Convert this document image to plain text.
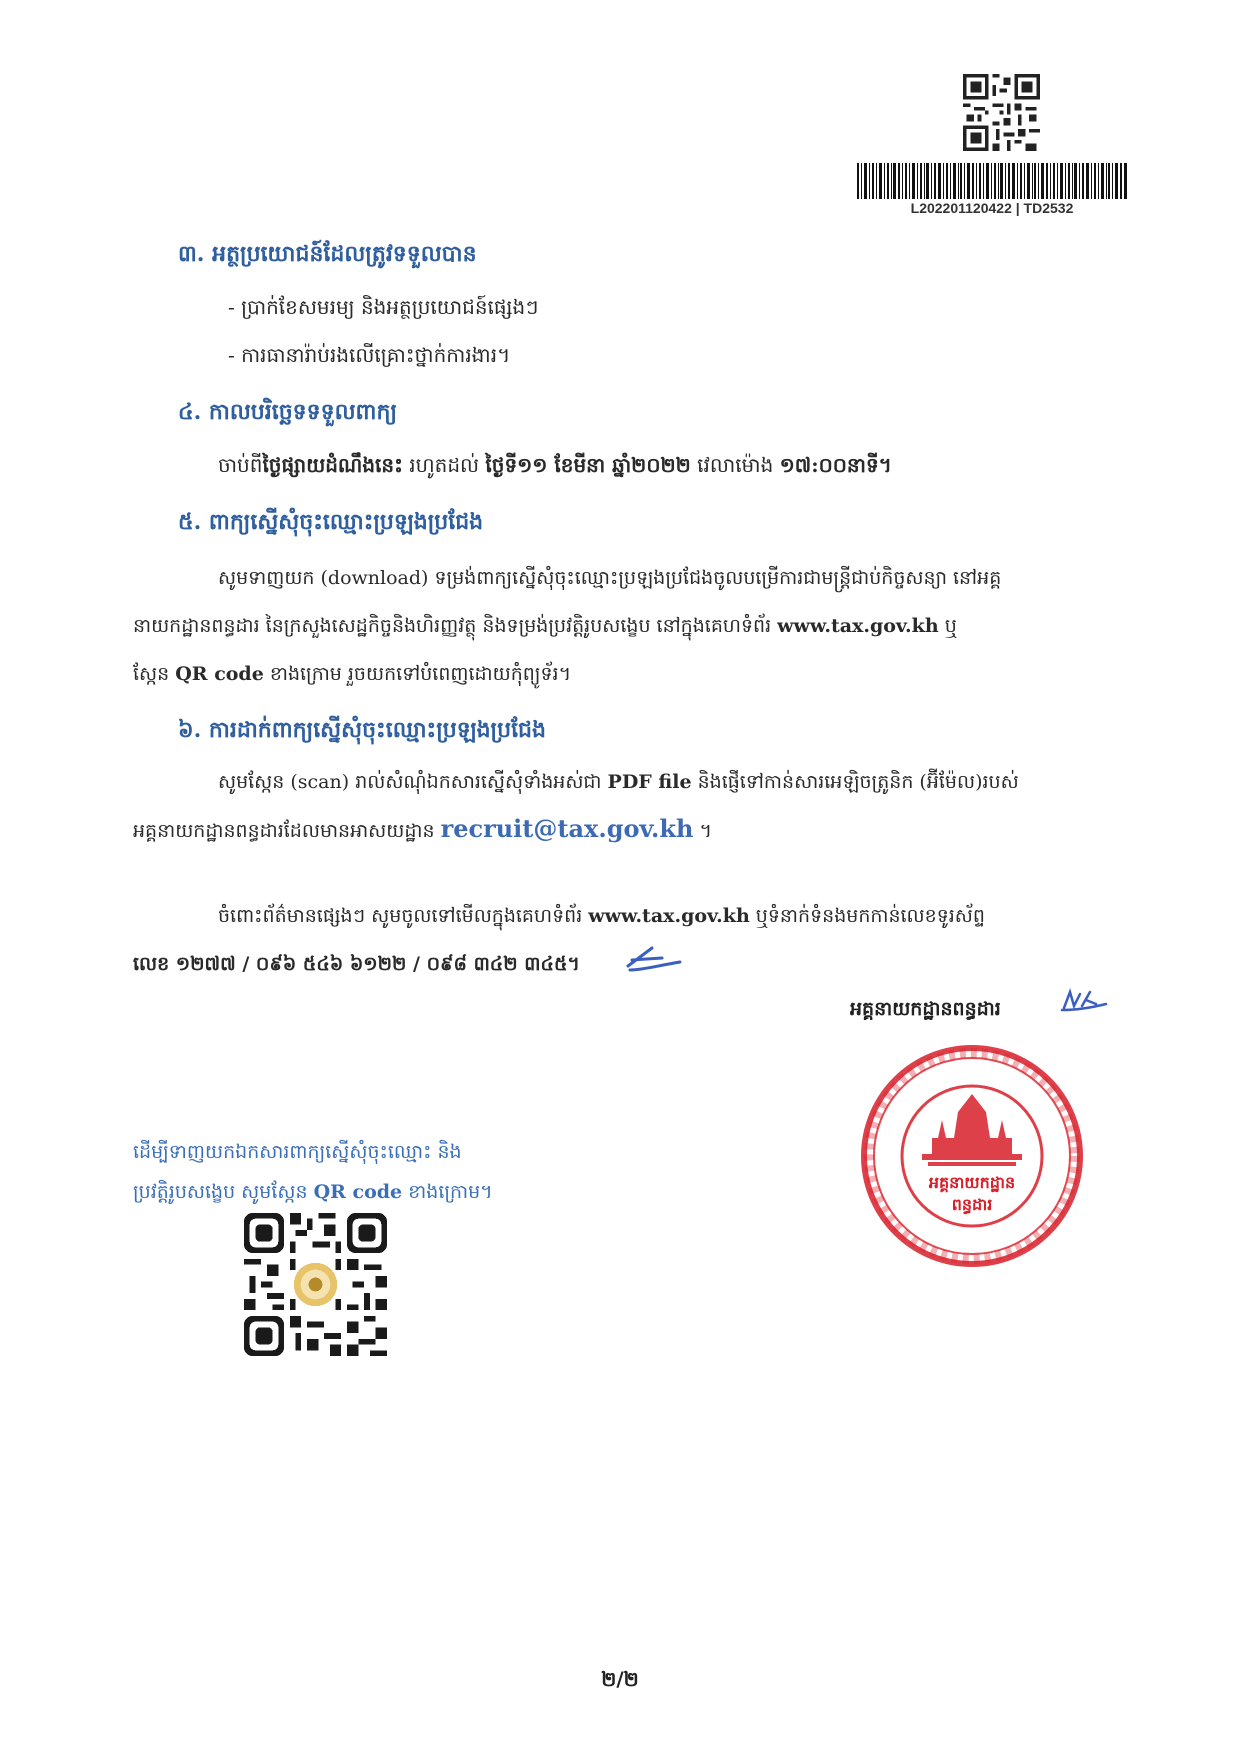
L202201120422 | TD2532
៣. អត្ថប្រយោជន៍ដែលត្រូវទទួលបាន
- ប្រាក់ខែសមរម្យ និងអត្ថប្រយោជន៍ផ្សេងៗ
- ការធានារ៉ាប់រងលើគ្រោះថ្នាក់ការងារ។
៤. កាលបរិច្ឆេទទទួលពាក្យ
ចាប់ពីថ្ងៃផ្សាយដំណឹងនេះ រហូតដល់ ថ្ងៃទី១១ ខែមីនា ឆ្នាំ២០២២ វេលាម៉ោង ១៧:០០នាទី។
៥. ពាក្យស្នើសុំចុះឈ្មោះប្រឡងប្រជែង
សូមទាញយក (download) ទម្រង់ពាក្យស្នើសុំចុះឈ្មោះប្រឡងប្រជែងចូលបម្រើការជាមន្ត្រីជាប់កិច្ចសន្យា នៅអគ្គ
នាយកដ្ឋានពន្ធដារ នៃក្រសួងសេដ្ឋកិច្ចនិងហិរញ្ញវត្ថុ និងទម្រង់ប្រវត្តិរូបសង្ខេប នៅក្នុងគេហទំព័រ www.tax.gov.kh ឬ
ស្កែន QR code ខាងក្រោម រួចយកទៅបំពេញដោយកុំព្យូទ័រ។
៦. ការដាក់ពាក្យស្នើសុំចុះឈ្មោះប្រឡងប្រជែង
សូមស្កែន (scan) រាល់សំណុំឯកសារស្នើសុំទាំងអស់ជា PDF file និងផ្ញើទៅកាន់សារអេឡិចត្រូនិក (អ៊ីម៉ែល)របស់
អគ្គនាយកដ្ឋានពន្ធដារដែលមានអាសយដ្ឋាន recruit@tax.gov.kh ។
ចំពោះព័ត៌មានផ្សេងៗ សូមចូលទៅមើលក្នុងគេហទំព័រ www.tax.gov.kh ឬទំនាក់ទំនងមកកាន់លេខទូរស័ព្ទ
លេខ ១២៧៧ / ០៩៦ ៥៤៦ ៦១២២ / ០៩៨ ៣៤២ ៣៤៥។
អគ្គនាយកដ្ឋានពន្ធដារ
អគ្គនាយកដ្ឋាន
ពន្ធដារ
ដើម្បីទាញយកឯកសារពាក្យស្នើសុំចុះឈ្មោះ និង
ប្រវត្តិរូបសង្ខេប សូមស្កែន QR code ខាងក្រោម។
២/២
